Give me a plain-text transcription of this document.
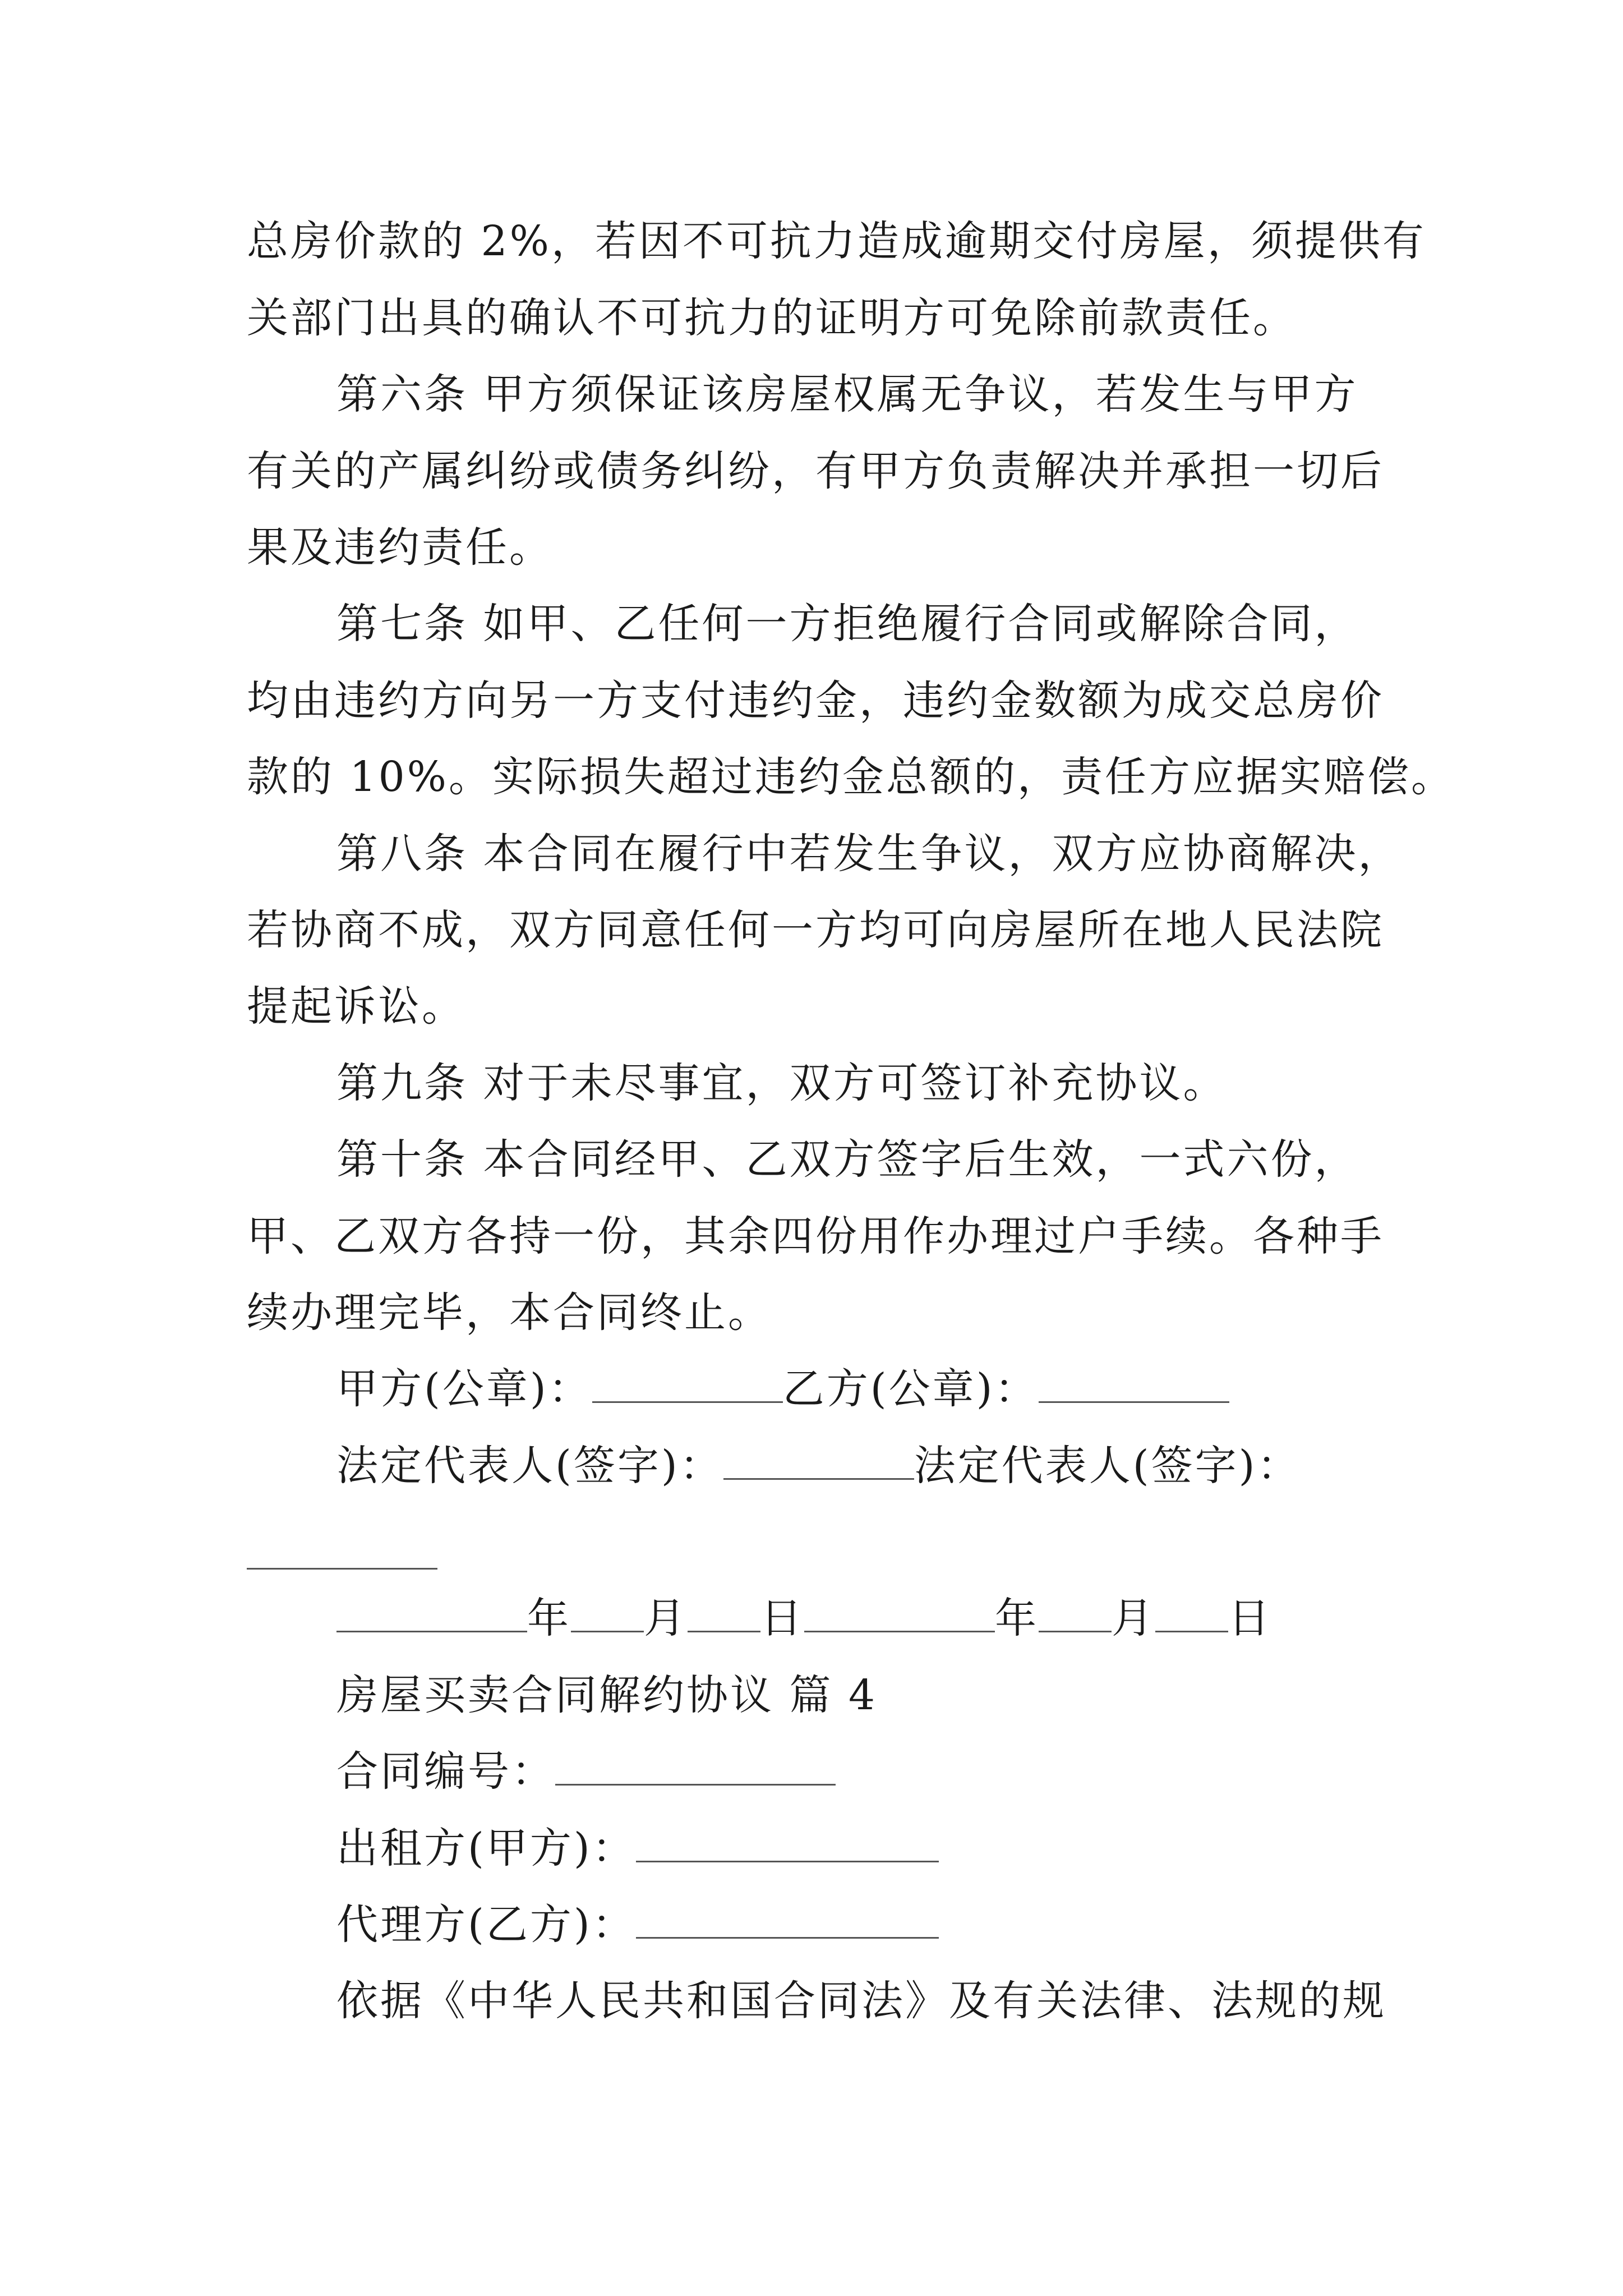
总房价款的 2%，若因不可抗力造成逾期交付房屋，须提供有
关部门出具的确认不可抗力的证明方可免除前款责任。
第六条 甲方须保证该房屋权属无争议，若发生与甲方
有关的产属纠纷或债务纠纷，有甲方负责解决并承担一切后
果及违约责任。
第七条 如甲、乙任何一方拒绝履行合同或解除合同，
均由违约方向另一方支付违约金，违约金数额为成交总房价
款的 10%。实际损失超过违约金总额的，责任方应据实赔偿。
第八条 本合同在履行中若发生争议，双方应协商解决，
若协商不成，双方同意任何一方均可向房屋所在地人民法院
提起诉讼。
第九条 对于未尽事宜，双方可签订补充协议。
第十条 本合同经甲、乙双方签字后生效，一式六份，
甲、乙双方各持一份，其余四份用作办理过户手续。各种手
续办理完毕，本合同终止。
甲方(公章)：	乙方(公章)：
法定代表人(签字)：	法定代表人(签字)：
年 月 日	年 月 日
房屋买卖合同解约协议 篇 4
合同编号：
出租方(甲方)：
代理方(乙方)：
依据《中华人民共和国合同法》及有关法律、法规的规
